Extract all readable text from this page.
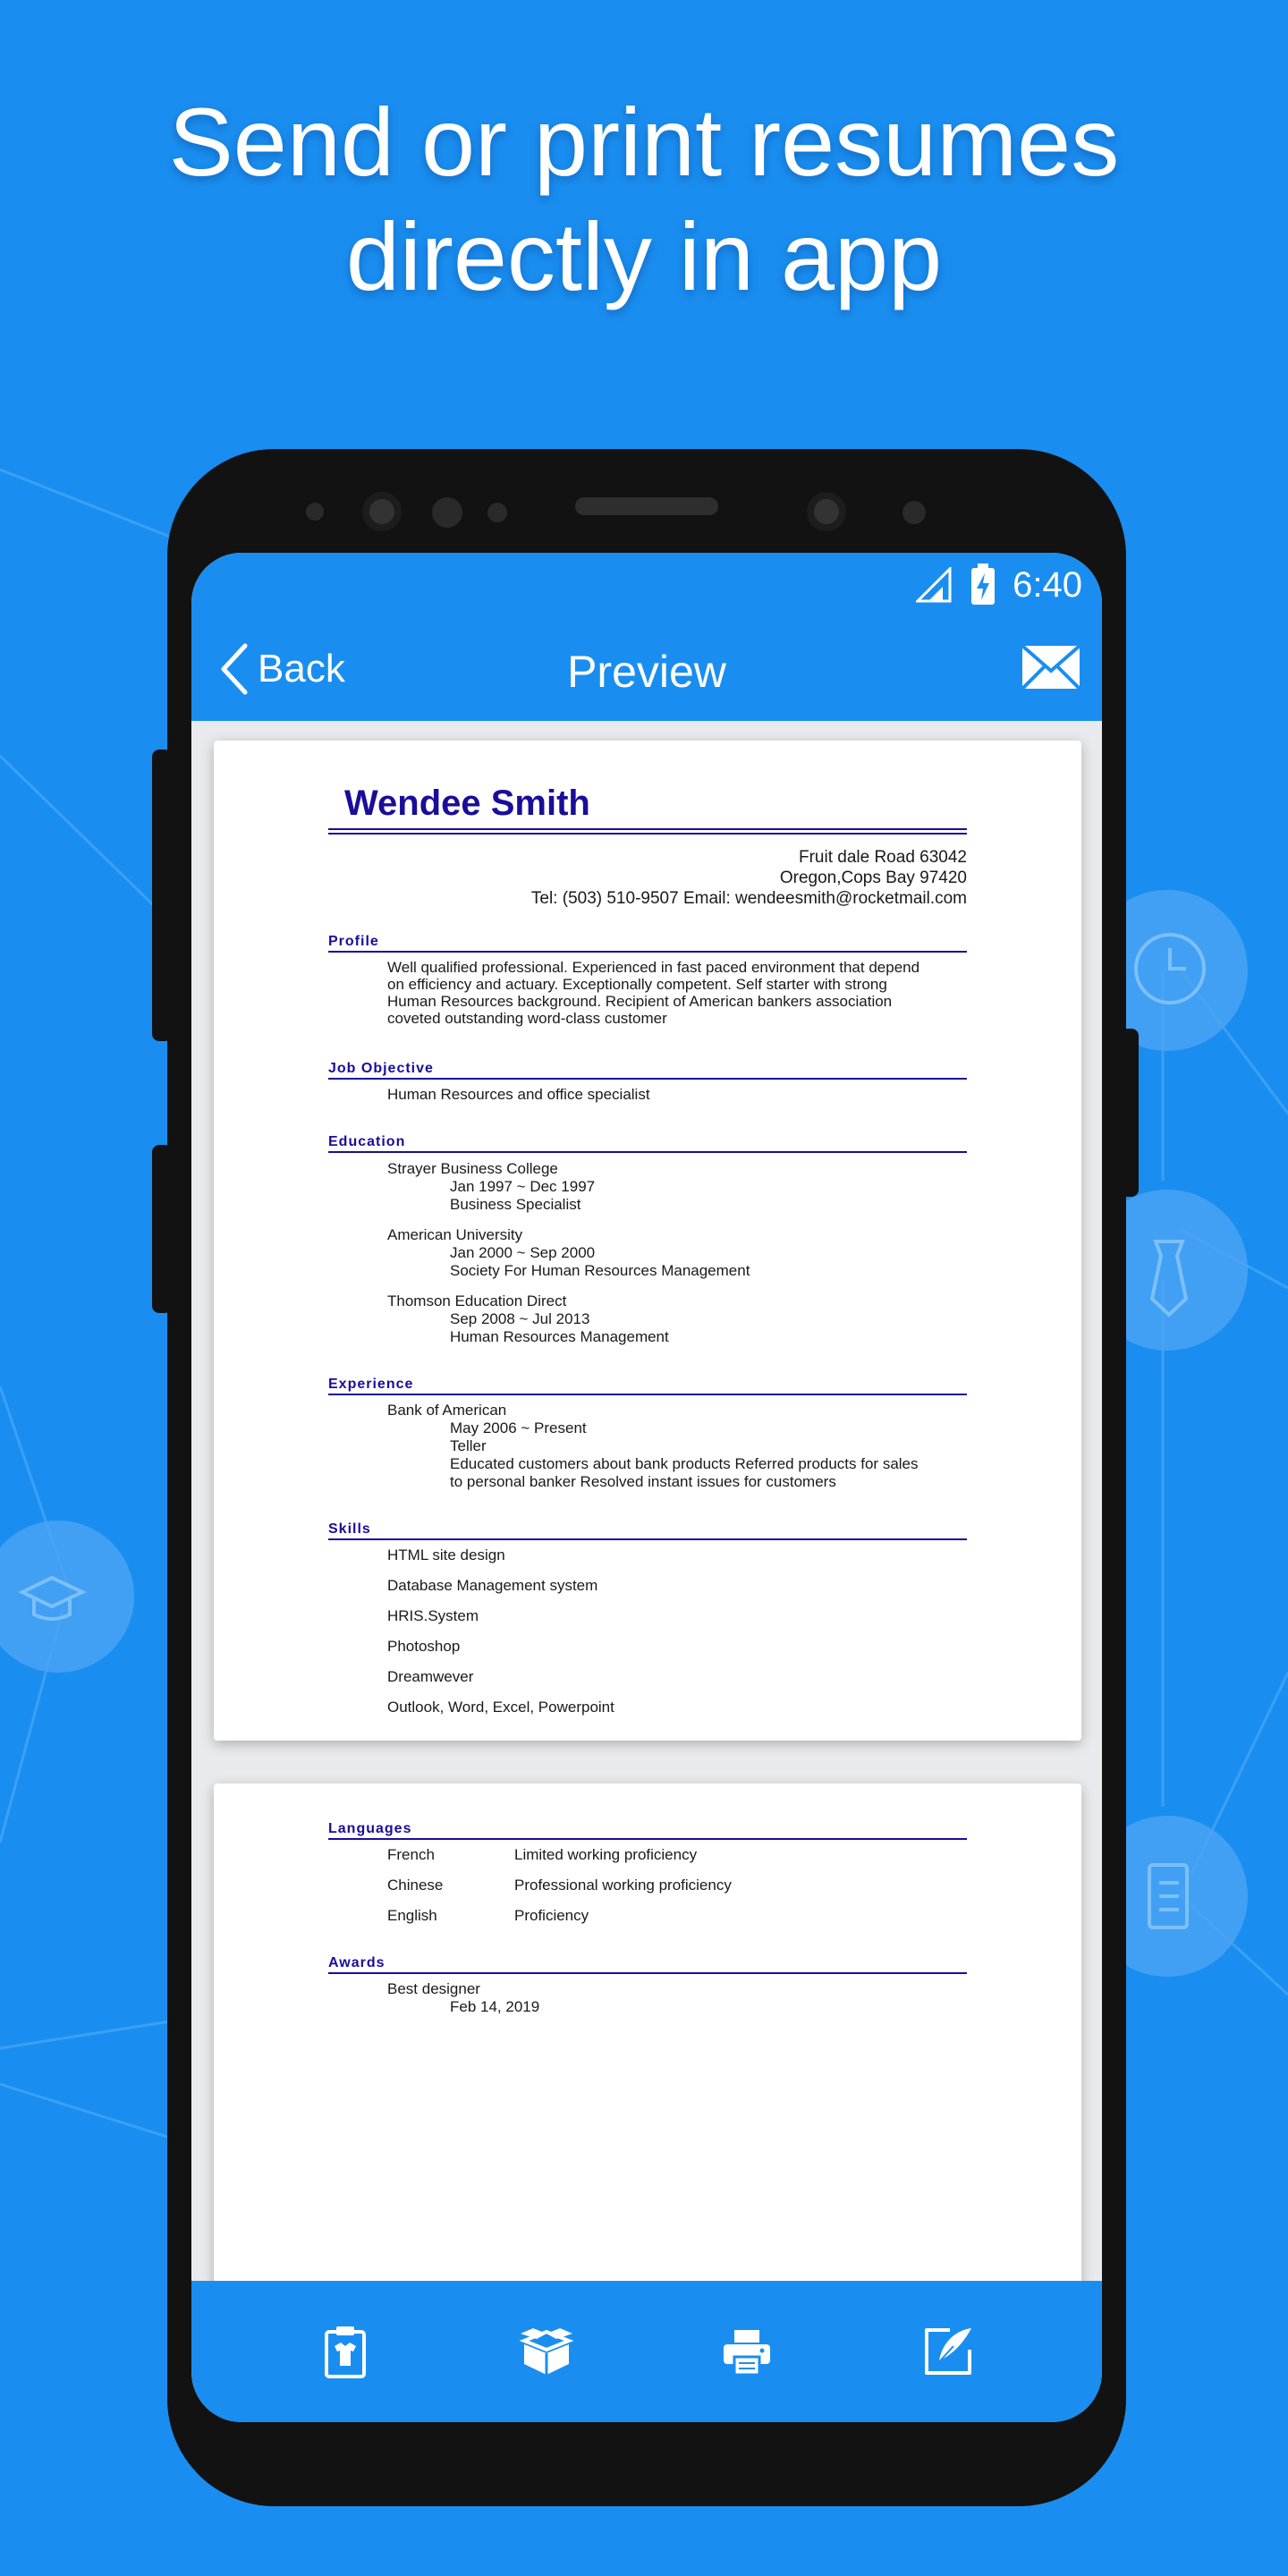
Send or print resumes
directly in app
6:40
Back	Preview
Wendee Smith
Fruit dale Road 63042
Oregon,Cops Bay 97420
Tel: (503) 510-9507 Email: wendeesmith@rocketmail.com
Profile
Well qualified professional. Experienced in fast paced environment that depend
on efficiency and actuary. Exceptionally competent. Self starter with strong
Human Resources background. Recipient of American bankers association
coveted outstanding word-class customer
Job Objective
Human Resources and office specialist
Education
Strayer Business College
Jan 1997 ~ Dec 1997
Business Specialist
American University
Jan 2000 ~ Sep 2000
Society For Human Resources Management
Thomson Education Direct
Sep 2008 ~ Jul 2013
Human Resources Management
Experience
Bank of American
May 2006 ~ Present
Teller
Educated customers about bank products Referred products for sales
to personal banker Resolved instant issues for customers
Skills
HTML site design
Database Management system
HRIS.System
Photoshop
Dreamwever
Outlook, Word, Excel, Powerpoint
Languages
French	Limited working proficiency
Chinese	Professional working proficiency
English	Proficiency
Awards
Best designer
Feb 14, 2019
